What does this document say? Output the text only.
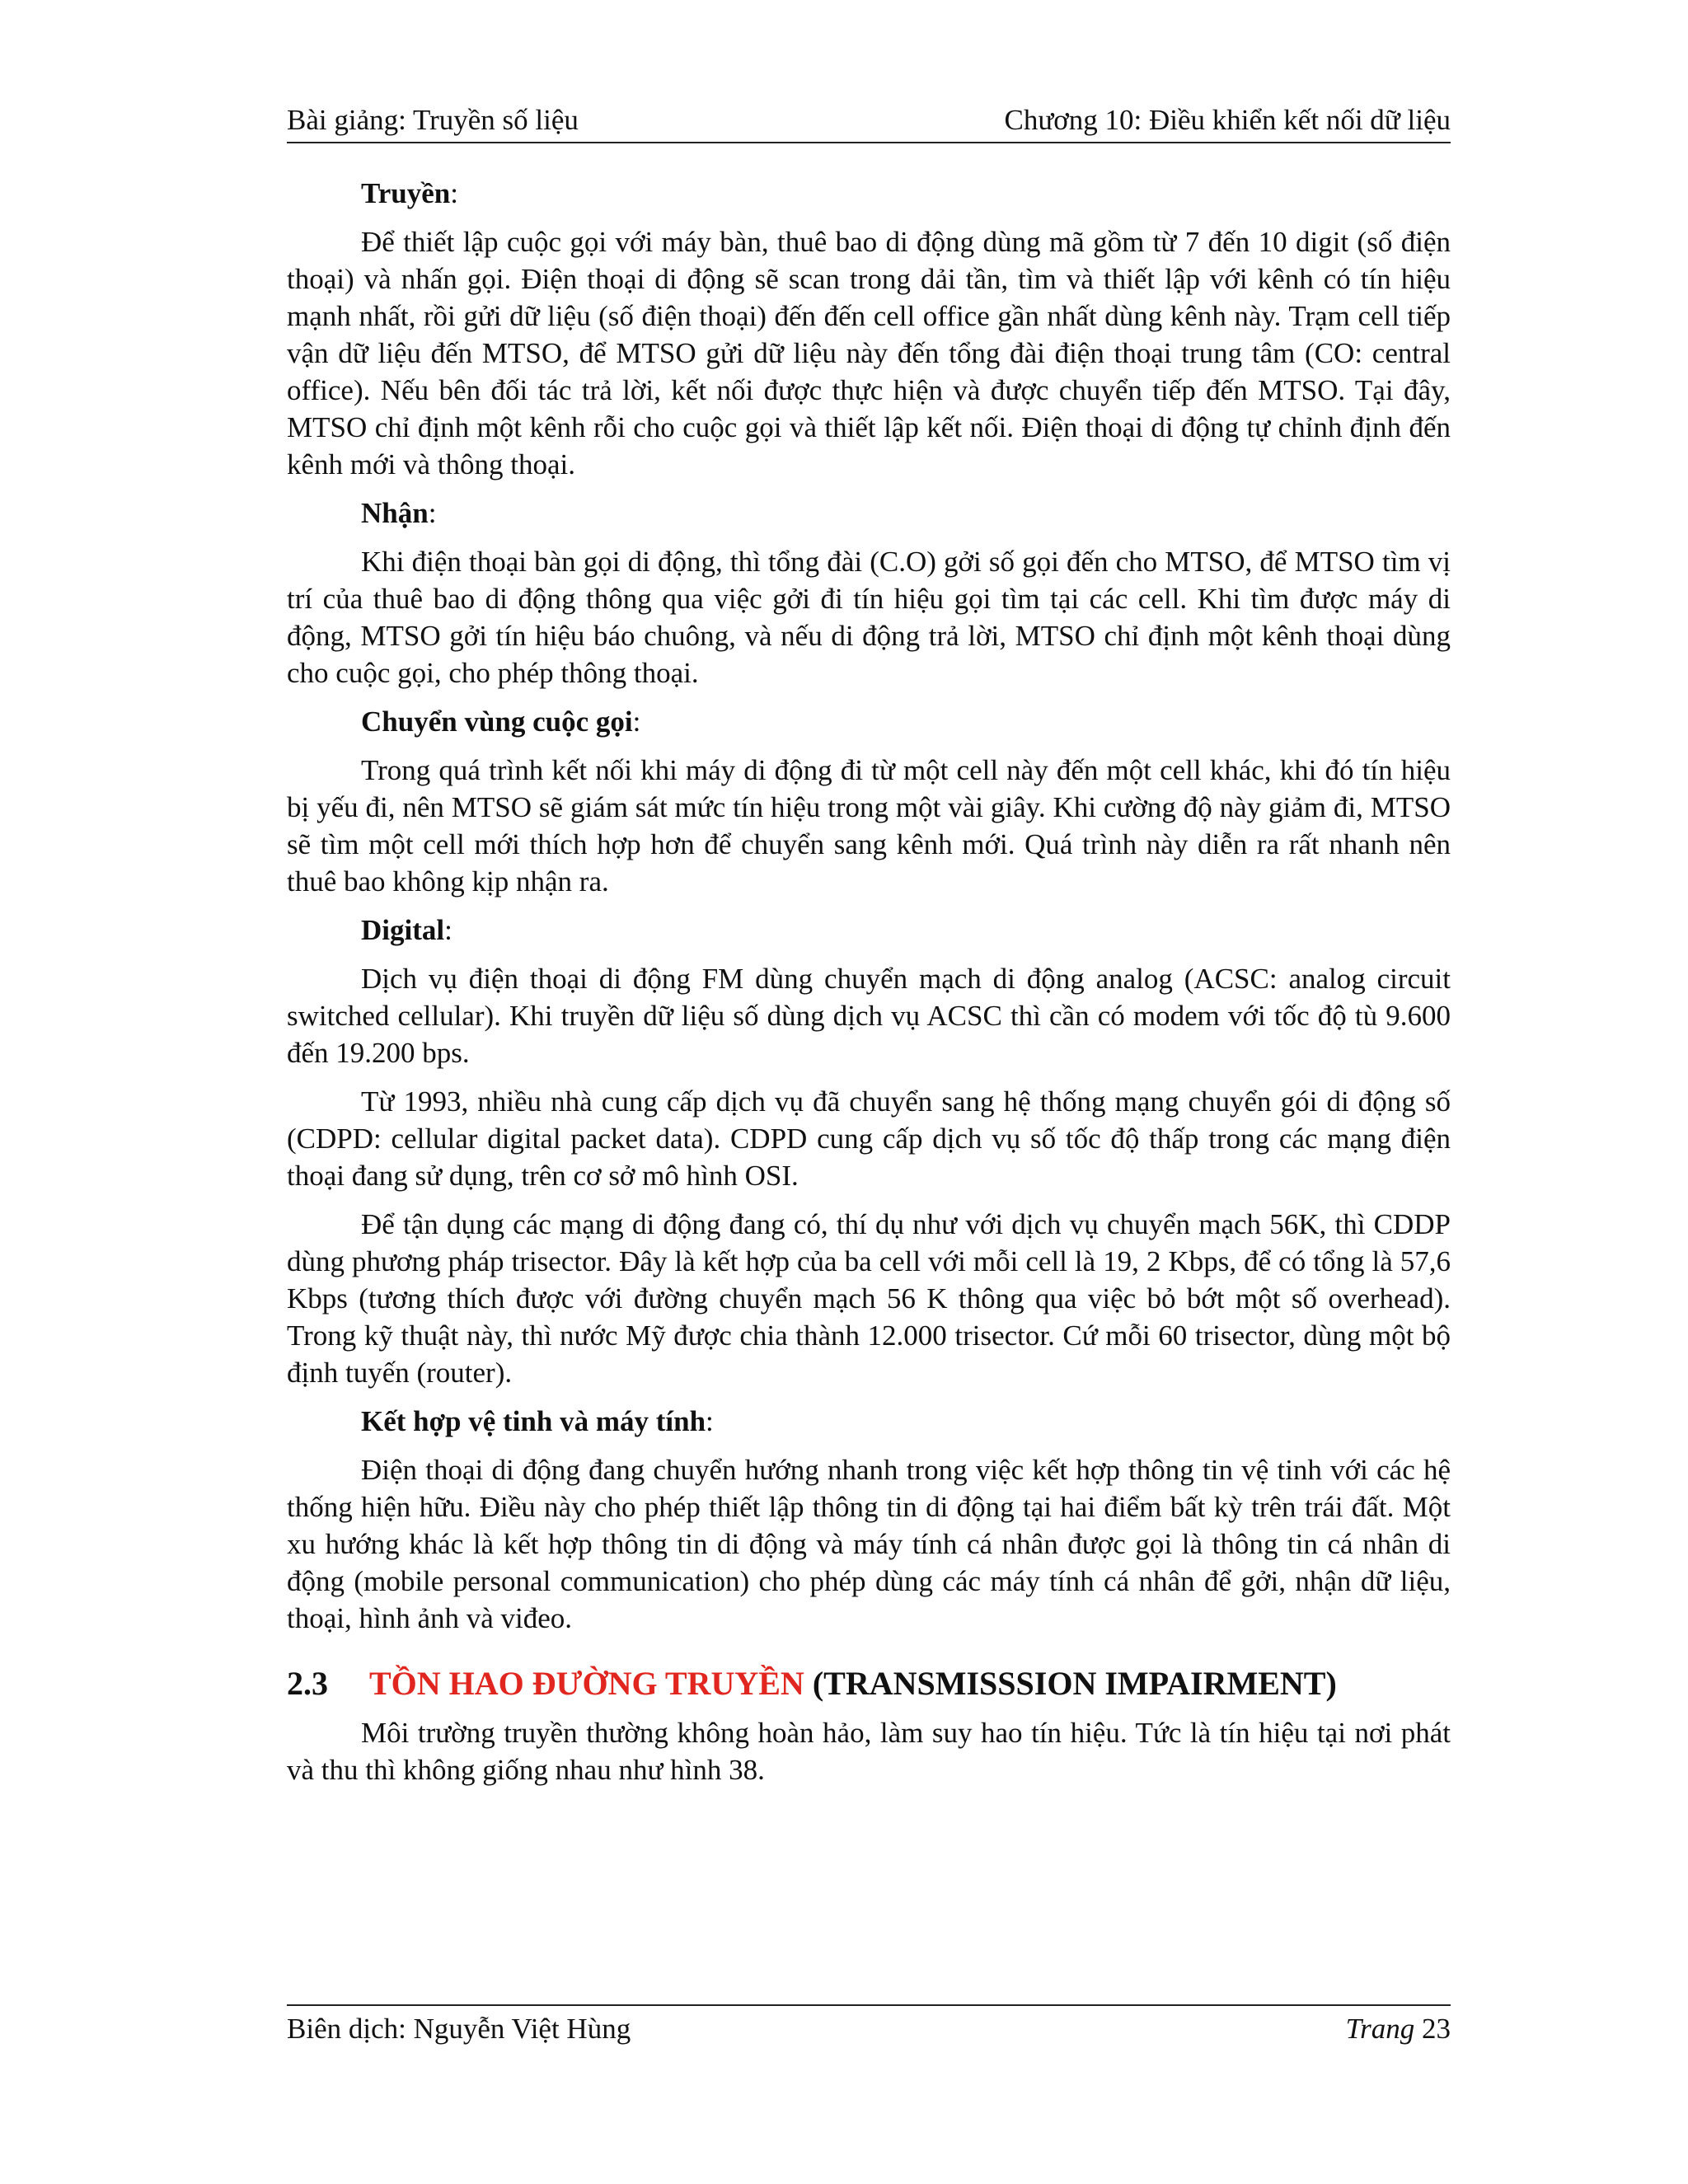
Bài giảng: Truyền số liệu	Chương 10: Điều khiển kết nối dữ liệu

Truyền:

Để thiết lập cuộc gọi với máy bàn, thuê bao di động dùng mã gồm từ 7 đến 10 digit (số điện thoại) và nhấn gọi. Điện thoại di động sẽ scan trong dải tần, tìm và thiết lập với kênh có tín hiệu mạnh nhất, rồi gửi dữ liệu (số điện thoại) đến đến cell office gần nhất dùng kênh này. Trạm cell tiếp vận dữ liệu đến MTSO, để MTSO gửi dữ liệu này đến tổng đài điện thoại trung tâm (CO: central office). Nếu bên đối tác trả lời, kết nối được thực hiện và được chuyển tiếp đến MTSO. Tại đây, MTSO chỉ định một kênh rỗi cho cuộc gọi và thiết lập kết nối. Điện thoại di động tự chỉnh định đến kênh mới và thông thoại.

Nhận:

Khi điện thoại bàn gọi di động, thì tổng đài (C.O) gởi số gọi đến cho MTSO, để MTSO tìm vị trí của thuê bao di động thông qua việc gởi đi tín hiệu gọi tìm tại các cell. Khi tìm được máy di động, MTSO gởi tín hiệu báo chuông, và nếu di động trả lời, MTSO chỉ định một kênh thoại dùng cho cuộc gọi, cho phép thông thoại.

Chuyển vùng cuộc gọi:

Trong quá trình kết nối khi máy di động đi từ một cell này đến một cell khác, khi đó tín hiệu bị yếu đi, nên MTSO sẽ giám sát mức tín hiệu trong một vài giây. Khi cường độ này giảm đi, MTSO sẽ tìm một cell mới thích hợp hơn để chuyển sang kênh mới. Quá trình này diễn ra rất nhanh nên thuê bao không kịp nhận ra.

Digital:

Dịch vụ điện thoại di động FM dùng chuyển mạch di động analog (ACSC: analog circuit switched cellular). Khi truyền dữ liệu số dùng dịch vụ ACSC thì cần có modem với tốc độ tù 9.600 đến 19.200 bps.

Từ 1993, nhiều nhà cung cấp dịch vụ đã chuyển sang hệ thống mạng chuyển gói di động số (CDPD: cellular digital packet data). CDPD cung cấp dịch vụ số tốc độ thấp trong các mạng điện thoại đang sử dụng, trên cơ sở mô hình OSI.

Để tận dụng các mạng di động đang có, thí dụ như với dịch vụ chuyển mạch 56K, thì CDDP dùng phương pháp trisector. Đây là kết hợp của ba cell với mỗi cell là 19, 2 Kbps, để có tổng là 57,6 Kbps (tương thích được với đường chuyển mạch 56 K thông qua việc bỏ bớt một số overhead). Trong kỹ thuật này, thì nước Mỹ được chia thành 12.000 trisector. Cứ mỗi 60 trisector, dùng một bộ định tuyến (router).

Kết hợp vệ tinh và máy tính:

Điện thoại di động đang chuyển hướng nhanh trong việc kết hợp thông tin vệ tinh với các hệ thống hiện hữu. Điều này cho phép thiết lập thông tin di động tại hai điểm bất kỳ trên trái đất. Một xu hướng khác là kết hợp thông tin di động và máy tính cá nhân được gọi là thông tin cá nhân di động (mobile personal communication) cho phép dùng các máy tính cá nhân để gởi, nhận dữ liệu, thoại, hình ảnh và viđeo.

2.3	TỒN HAO ĐƯỜNG TRUYỀN (TRANSMISSSION IMPAIRMENT)

Môi trường truyền thường không hoàn hảo, làm suy hao tín hiệu. Tức là tín hiệu tại nơi phát và thu thì không giống nhau như hình 38.

Biên dịch: Nguyễn Việt Hùng	Trang 23
